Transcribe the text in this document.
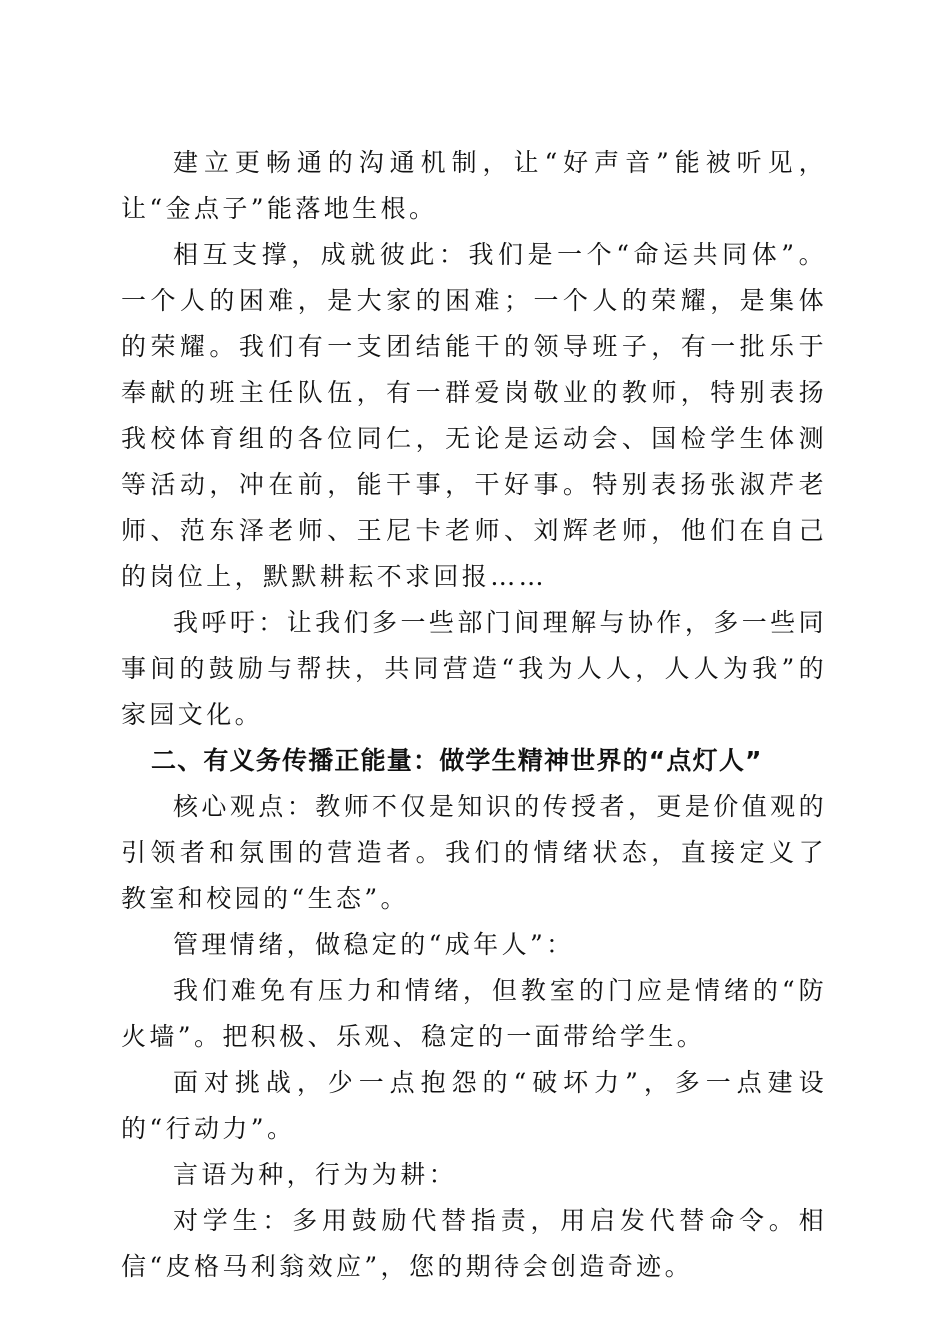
建立更畅通的沟通机制，让“好声音”能被听见，让“金点子”能落地生根。

相互支撑，成就彼此：我们是一个“命运共同体”。一个人的困难，是大家的困难；一个人的荣耀，是集体的荣耀。我们有一支团结能干的领导班子，有一批乐于奉献的班主任队伍，有一群爱岗敬业的教师，特别表扬我校体育组的各位同仁，无论是运动会、国检学生体测等活动，冲在前，能干事，干好事。特别表扬张淑芹老师、范东泽老师、王尼卡老师、刘辉老师，他们在自己的岗位上，默默耕耘不求回报……

我呼吁：让我们多一些部门间理解与协作，多一些同事间的鼓励与帮扶，共同营造“我为人人，人人为我”的家园文化。

二、有义务传播正能量：做学生精神世界的“点灯人”

核心观点：教师不仅是知识的传授者，更是价值观的引领者和氛围的营造者。我们的情绪状态，直接定义了教室和校园的“生态”。

管理情绪，做稳定的“成年人”：

我们难免有压力和情绪，但教室的门应是情绪的“防火墙”。把积极、乐观、稳定的一面带给学生。

面对挑战，少一点抱怨的“破坏力”，多一点建设的“行动力”。

言语为种，行为为耕：

对学生：多用鼓励代替指责，用启发代替命令。相信“皮格马利翁效应”，您的期待会创造奇迹。
